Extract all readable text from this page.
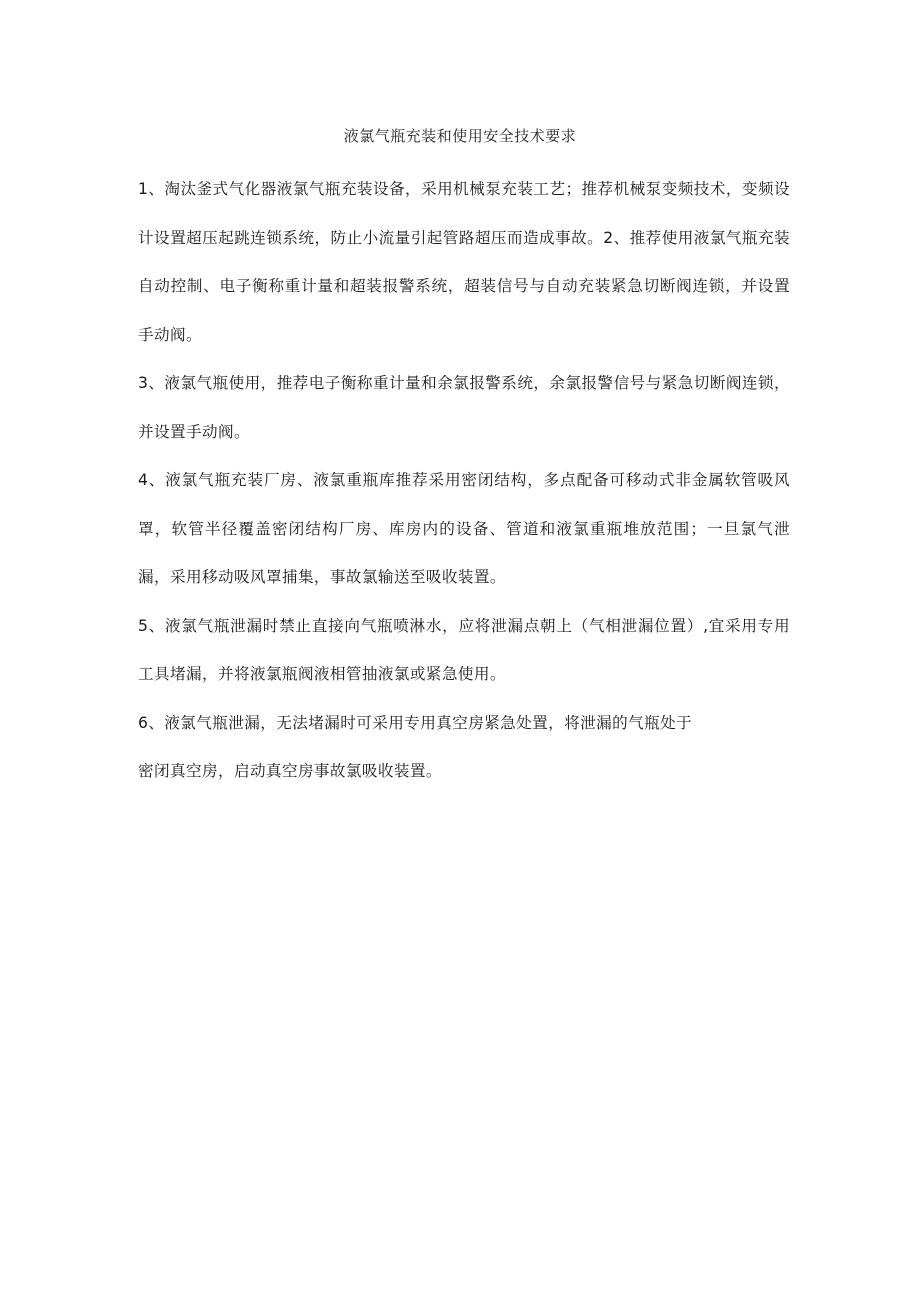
液氯气瓶充装和使用安全技术要求

1、淘汰釜式气化器液氯气瓶充装设备，采用机械泵充装工艺；推荐机械泵变频技术，变频设计设置超压起跳连锁系统，防止小流量引起管路超压而造成事故。2、推荐使用液氯气瓶充装自动控制、电子衡称重计量和超装报警系统，超装信号与自动充装紧急切断阀连锁，并设置手动阀。

3、液氯气瓶使用，推荐电子衡称重计量和余氯报警系统，余氯报警信号与紧急切断阀连锁，并设置手动阀。

4、液氯气瓶充装厂房、液氯重瓶库推荐采用密闭结构，多点配备可移动式非金属软管吸风罩，软管半径覆盖密闭结构厂房、库房内的设备、管道和液氯重瓶堆放范围；一旦氯气泄漏，采用移动吸风罩捕集，事故氯输送至吸收装置。

5、液氯气瓶泄漏时禁止直接向气瓶喷淋水，应将泄漏点朝上（气相泄漏位置）,宜采用专用工具堵漏，并将液氯瓶阀液相管抽液氯或紧急使用。

6、液氯气瓶泄漏，无法堵漏时可采用专用真空房紧急处置，将泄漏的气瓶处于

密闭真空房，启动真空房事故氯吸收装置。
